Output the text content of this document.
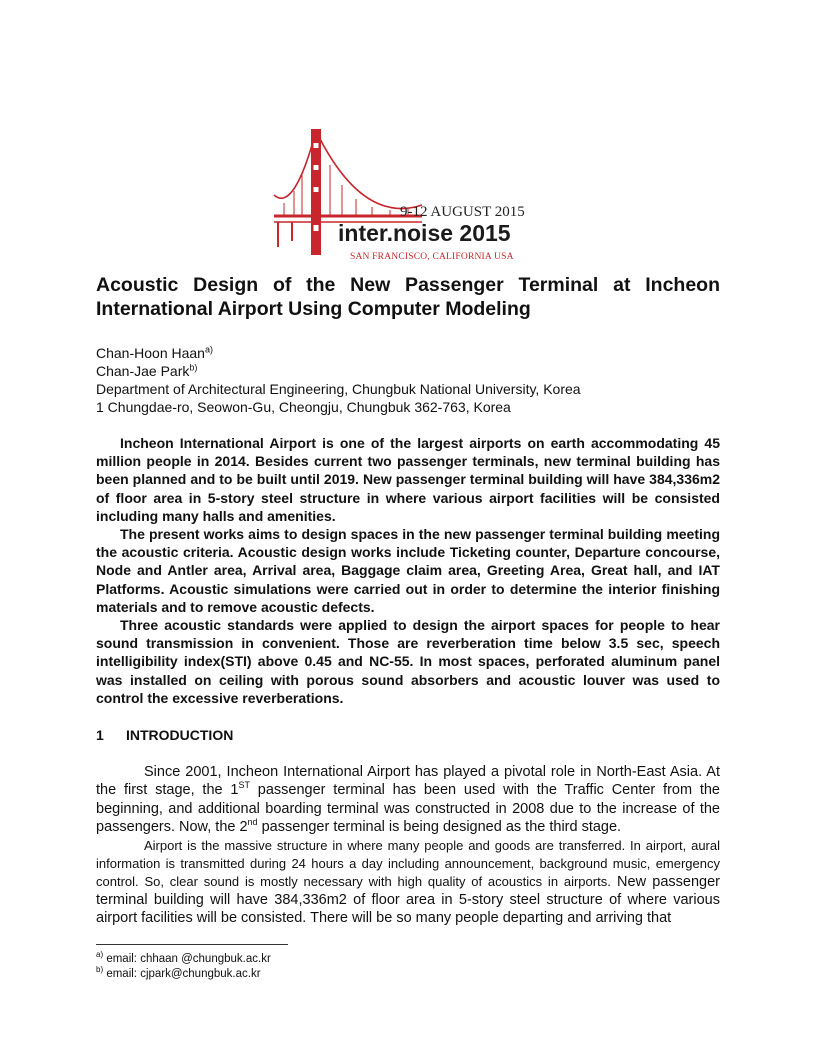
9-12 AUGUST 2015
inter.noise 2015
SAN FRANCISCO, CALIFORNIA USA
Acoustic Design of the New Passenger Terminal at Incheon
International Airport Using Computer Modeling
Chan-Hoon Haan$^{a)}$
Chan-Jae Park$^{b)}$
Department of Architectural Engineering, Chungbuk National University, Korea
1 Chungdae-ro, Seowon-Gu, Cheongju, Chungbuk 362-763, Korea

Incheon International Airport is one of the largest airports on earth accommodating 45 million people in 2014. Besides current two passenger terminals, new terminal building has been planned and to be built until 2019. New passenger terminal building will have 384,336m2 of floor area in 5-story steel structure in where various airport facilities will be consisted including many halls and amenities.

The present works aims to design spaces in the new passenger terminal building meeting the acoustic criteria. Acoustic design works include Ticketing counter, Departure concourse, Node and Antler area, Arrival area, Baggage claim area, Greeting Area, Great hall, and IAT Platforms. Acoustic simulations were carried out in order to determine the interior finishing materials and to remove acoustic defects.

Three acoustic standards were applied to design the airport spaces for people to hear sound transmission in convenient. Those are reverberation time below 3.5 sec, speech intelligibility index(STI) above 0.45 and NC-55. In most spaces, perforated aluminum panel was installed on ceiling with porous sound absorbers and acoustic louver was used to control the excessive reverberations.

1 INTRODUCTION

Since 2001, Incheon International Airport has played a pivotal role in North-East Asia. At the first stage, the 1ST passenger terminal has been used with the Traffic Center from the beginning, and additional boarding terminal was constructed in 2008 due to the increase of the passengers. Now, the 2nd passenger terminal is being designed as the third stage.

Airport is the massive structure in where many people and goods are transferred. In airport, aural information is transmitted during 24 hours a day including announcement, background music, emergency control. So, clear sound is mostly necessary with high quality of acoustics in airports. New passenger terminal building will have 384,336m2 of floor area in 5-story steel structure of where various airport facilities will be consisted. There will be so many people departing and arriving that

$^{a)}$ email: chhaan @chungbuk.ac.kr
$^{b)}$ email: cjpark@chungbuk.ac.kr
